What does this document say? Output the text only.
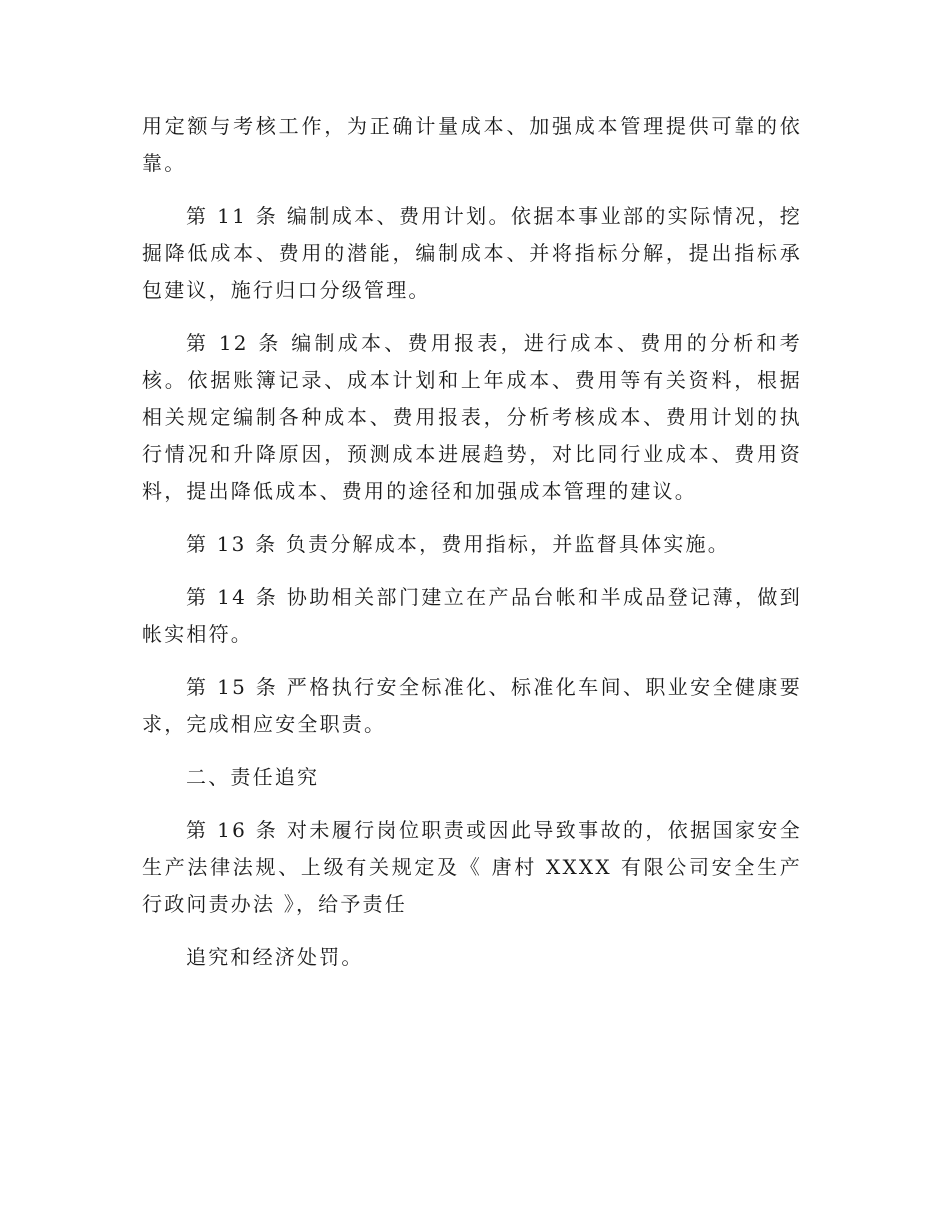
用定额与考核工作，为正确计量成本、加强成本管理提供可靠的依靠。

第 11 条 编制成本、费用计划。依据本事业部的实际情况，挖掘降低成本、费用的潜能，编制成本、并将指标分解，提出指标承包建议，施行归口分级管理。

第 12 条 编制成本、费用报表，进行成本、费用的分析和考核。依据账簿记录、成本计划和上年成本、费用等有关资料，根据相关规定编制各种成本、费用报表，分析考核成本、费用计划的执行情况和升降原因，预测成本进展趋势，对比同行业成本、费用资料，提出降低成本、费用的途径和加强成本管理的建议。

第 13 条 负责分解成本，费用指标，并监督具体实施。

第 14 条 协助相关部门建立在产品台帐和半成品登记薄，做到帐实相符。

第 15 条 严格执行安全标准化、标准化车间、职业安全健康要求，完成相应安全职责。

二、责任追究

第 16 条 对未履行岗位职责或因此导致事故的，依据国家安全生产法律法规、上级有关规定及《 唐村 XXXX 有限公司安全生产行政问责办法 》，给予责任

追究和经济处罚。
